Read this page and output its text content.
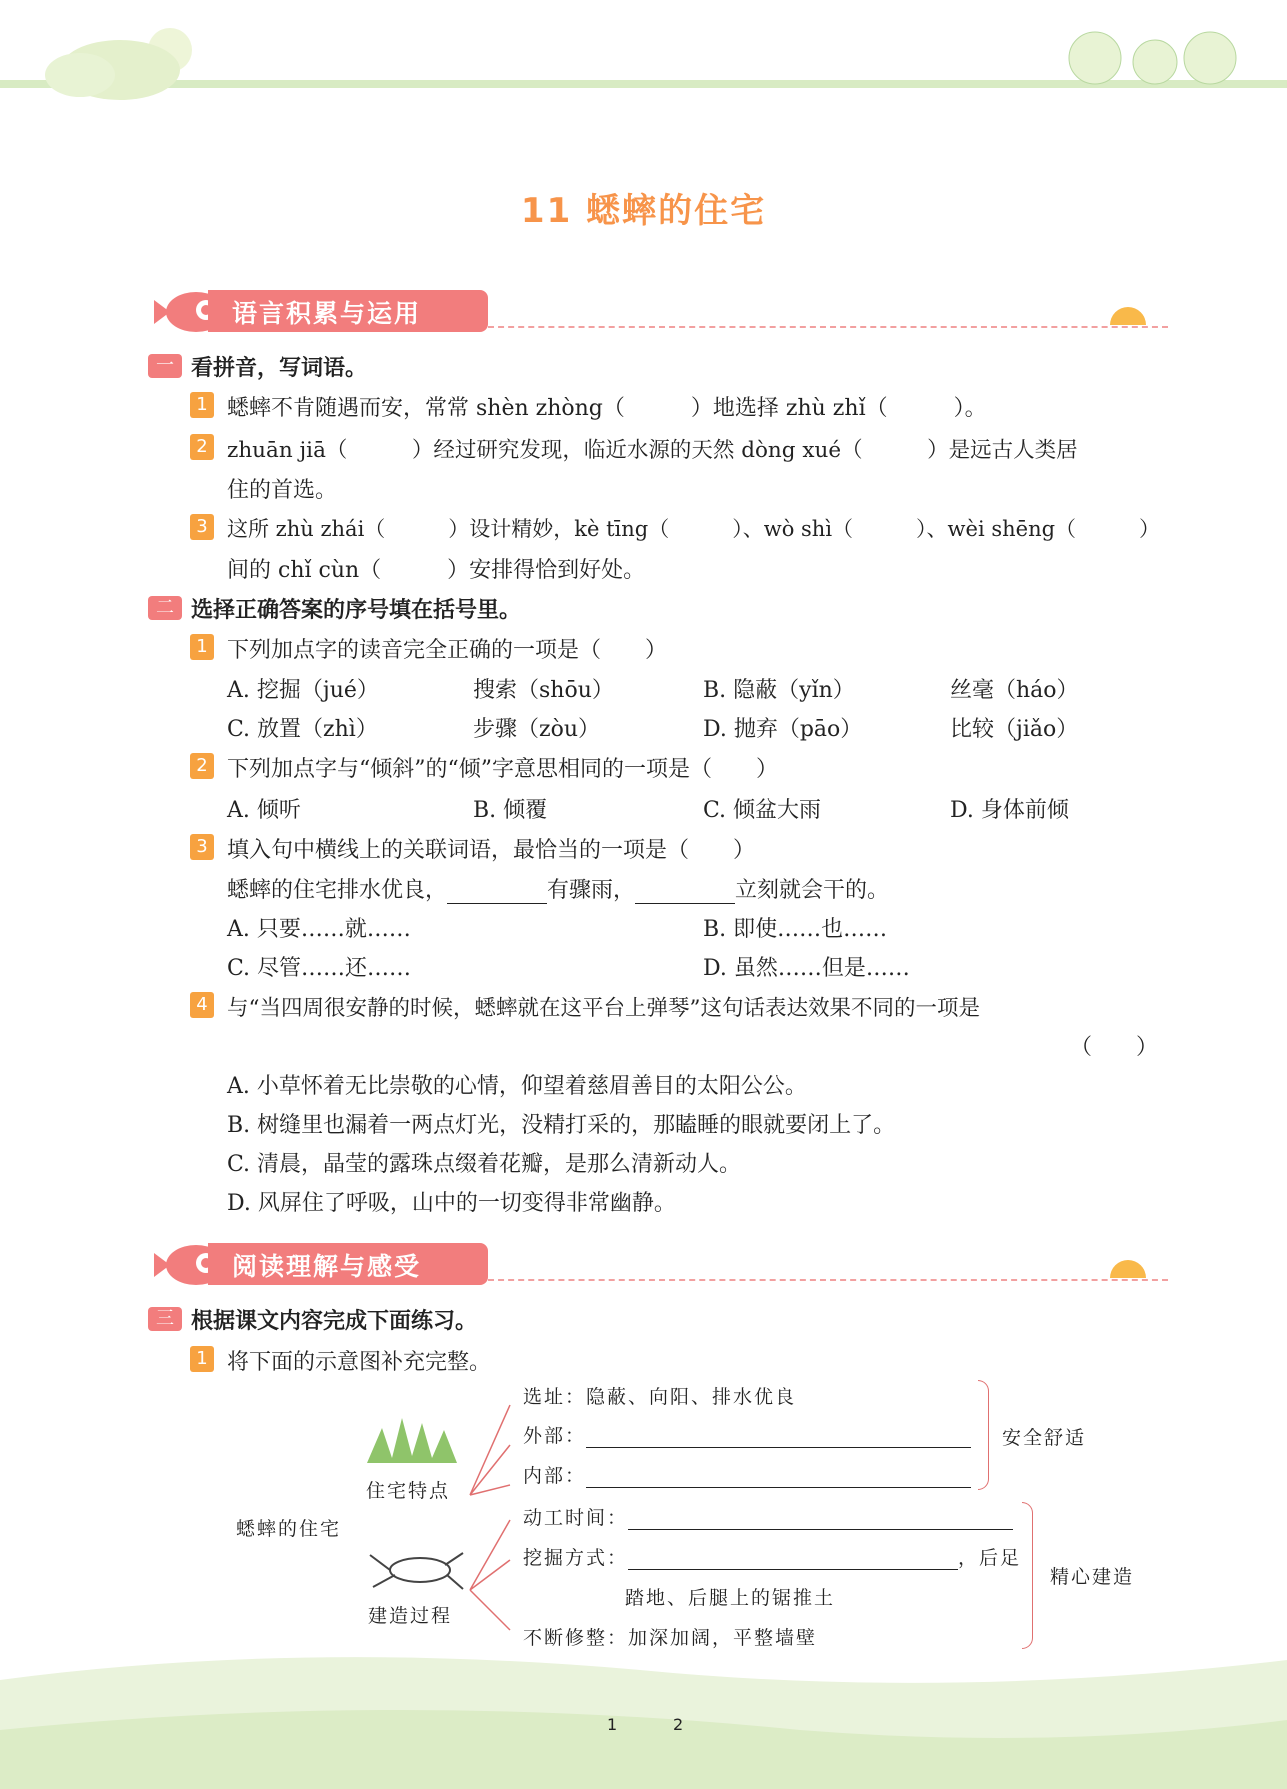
11 蟋蟀的住宅
语言积累与运用
一 看拼音，写词语。
1 蟋蟀不肯随遇而安，常常 shèn zhòng（　　　）地选择 zhù zhǐ（　　　）。
2 zhuān jiā（　　　）经过研究发现，临近水源的天然 dòng xué（　　　）是远古人类居
住的首选。
3 这所 zhù zhái（　　　）设计精妙，kè tīng（　　　）、wò shì（　　　）、wèi shēng（　　　）
间的 chǐ cùn（　　　）安排得恰到好处。
二 选择正确答案的序号填在括号里。
1 下列加点字的读音完全正确的一项是（　　）
A. 挖掘（jué）	搜索（shōu）	B. 隐蔽（yǐn）	丝毫（háo）
C. 放置（zhì）	步骤（zòu）	D. 抛弃（pāo）	比较（jiǎo）
2 下列加点字与“倾斜”的“倾”字意思相同的一项是（　　）
A. 倾听	B. 倾覆	C. 倾盆大雨	D. 身体前倾
3 填入句中横线上的关联词语，最恰当的一项是（　　）
蟋蟀的住宅排水优良，	有骤雨，	立刻就会干的。
A. 只要……就……	B. 即使……也……
C. 尽管……还……	D. 虽然……但是……
4 与“当四周很安静的时候，蟋蟀就在这平台上弹琴”这句话表达效果不同的一项是
（　　）
A. 小草怀着无比崇敬的心情，仰望着慈眉善目的太阳公公。
B. 树缝里也漏着一两点灯光，没精打采的，那瞌睡的眼就要闭上了。
C. 清晨，晶莹的露珠点缀着花瓣，是那么清新动人。
D. 风屏住了呼吸，山中的一切变得非常幽静。
阅读理解与感受
三 根据课文内容完成下面练习。
1 将下面的示意图补充完整。
蟋蟀的住宅
住宅特点
建造过程
选址：隐蔽、向阳、排水优良
外部：
内部：
安全舒适
动工时间：
挖掘方式：	，后足
踏地、后腿上的锯推土
不断修整：加深加阔，平整墙壁
精心建造
1	2
